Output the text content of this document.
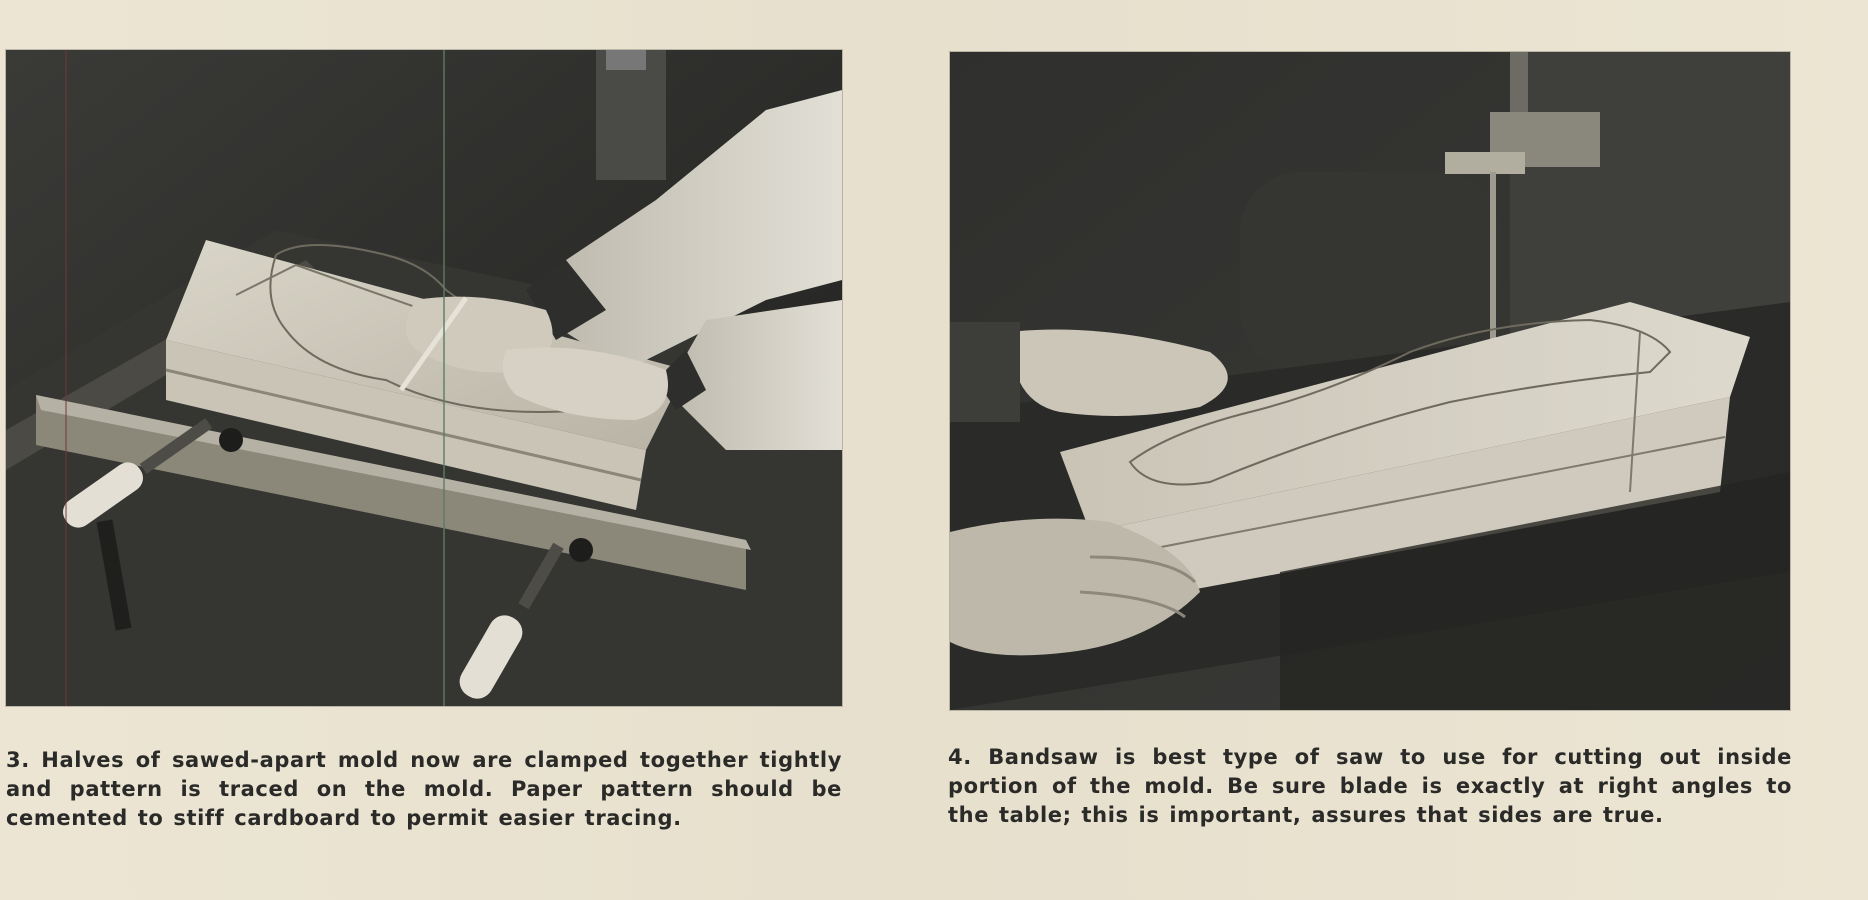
3. Halves of sawed-apart mold now are clamped together tightly and pattern is traced on the mold. Paper pattern should be cemented to stiff cardboard to permit easier tracing.

4. Bandsaw is best type of saw to use for cutting out inside portion of the mold. Be sure blade is exactly at right angles to the table; this is important, assures that sides are true.
